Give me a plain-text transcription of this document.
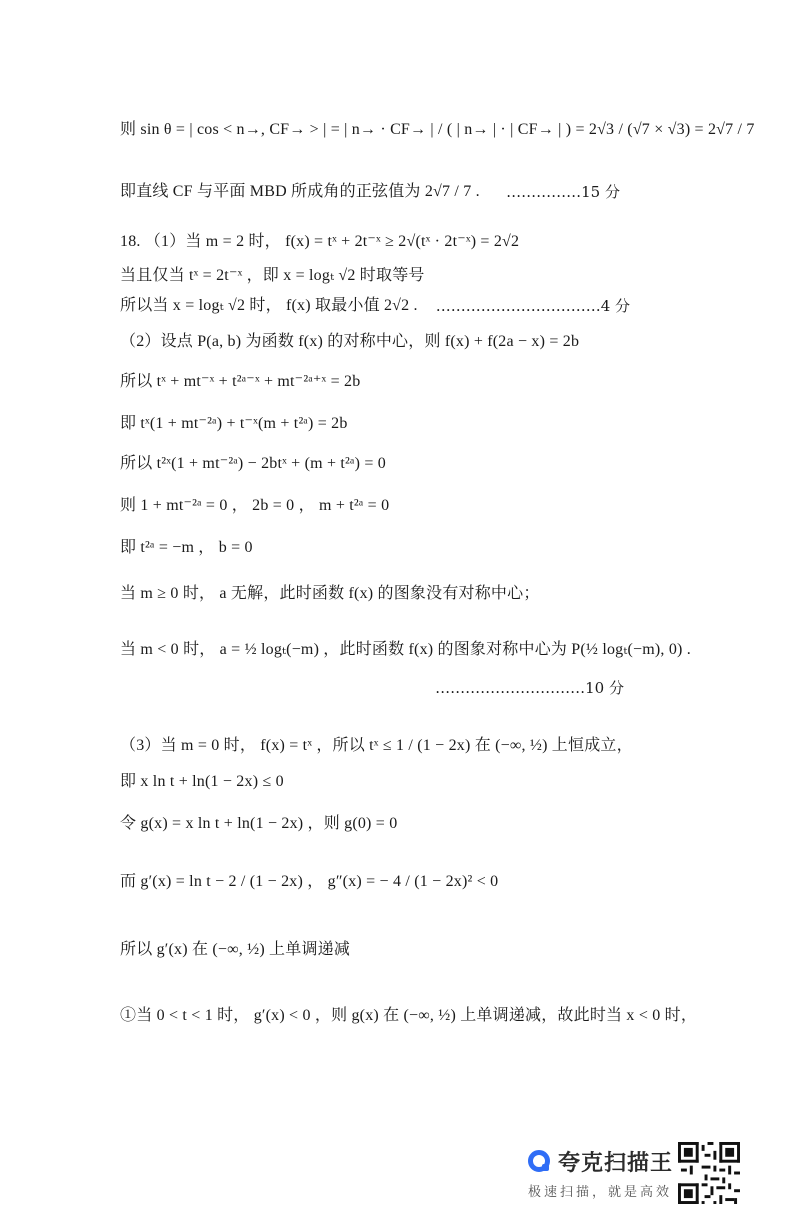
则 sin θ = | cos < n→, CF→ > | = | n→ · CF→ | / ( | n→ | · | CF→ | ) = 2√3 / (√7 × √3) = 2√7 / 7
即直线 CF 与平面 MBD 所成角的正弦值为 2√7 / 7 . ……………15 分
18. （1）当 m = 2 时， f(x) = tˣ + 2t⁻ˣ ≥ 2√(tˣ · 2t⁻ˣ) = 2√2
当且仅当 tˣ = 2t⁻ˣ ，即 x = logₜ √2 时取等号
所以当 x = logₜ √2 时， f(x) 取最小值 2√2 . ……………………………4 分
（2）设点 P(a, b) 为函数 f(x) 的对称中心，则 f(x) + f(2a − x) = 2b
所以 tˣ + mt⁻ˣ + t²ᵃ⁻ˣ + mt⁻²ᵃ⁺ˣ = 2b
即 tˣ(1 + mt⁻²ᵃ) + t⁻ˣ(m + t²ᵃ) = 2b
所以 t²ˣ(1 + mt⁻²ᵃ) − 2btˣ + (m + t²ᵃ) = 0
则 1 + mt⁻²ᵃ = 0 ， 2b = 0 ， m + t²ᵃ = 0
即 t²ᵃ = −m ， b = 0
当 m ≥ 0 时， a 无解，此时函数 f(x) 的图象没有对称中心；
当 m < 0 时， a = ½ logₜ(−m) ，此时函数 f(x) 的图象对称中心为 P(½ logₜ(−m), 0) .
…………………………10 分
（3）当 m = 0 时， f(x) = tˣ ，所以 tˣ ≤ 1 / (1 − 2x) 在 (−∞, ½) 上恒成立，
即 x ln t + ln(1 − 2x) ≤ 0
令 g(x) = x ln t + ln(1 − 2x) ，则 g(0) = 0
而 g′(x) = ln t − 2 / (1 − 2x) ， g″(x) = − 4 / (1 − 2x)² < 0
所以 g′(x) 在 (−∞, ½) 上单调递减
①当 0 < t < 1 时， g′(x) < 0 ，则 g(x) 在 (−∞, ½) 上单调递减，故此时当 x < 0 时，
夸克扫描王
极速扫描，就是高效
